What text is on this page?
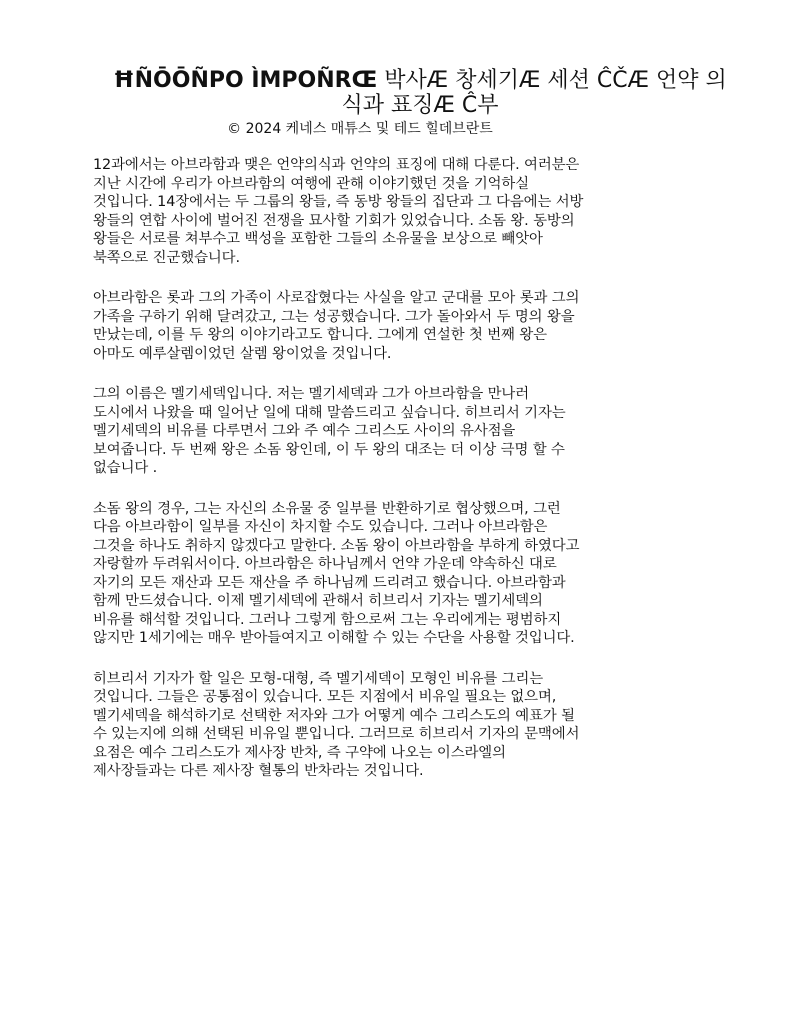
ĦÑŌŌÑPO ÌMPOÑRŒ 박사Æ 창세기Æ 세션 ĈČÆ 언약 의식과 표징Æ Ĉ부

© 2024 케네스 매튜스 및 테드 힐데브란트

12과에서는 아브라함과 맺은 언약의식과 언약의 표징에 대해 다룬다. 여러분은
지난 시간에 우리가 아브라함의 여행에 관해 이야기했던 것을 기억하실
것입니다. 14장에서는 두 그룹의 왕들, 즉 동방 왕들의 집단과 그 다음에는 서방
왕들의 연합 사이에 벌어진 전쟁을 묘사할 기회가 있었습니다. 소돔 왕. 동방의
왕들은 서로를 쳐부수고 백성을 포함한 그들의 소유물을 보상으로 빼앗아
북쪽으로 진군했습니다.

아브라함은 롯과 그의 가족이 사로잡혔다는 사실을 알고 군대를 모아 롯과 그의
가족을 구하기 위해 달려갔고, 그는 성공했습니다. 그가 돌아와서 두 명의 왕을
만났는데, 이를 두 왕의 이야기라고도 합니다. 그에게 연설한 첫 번째 왕은
아마도 예루살렘이었던 살렘 왕이었을 것입니다.

그의 이름은 멜기세덱입니다. 저는 멜기세덱과 그가 아브라함을 만나러
도시에서 나왔을 때 일어난 일에 대해 말씀드리고 싶습니다. 히브리서 기자는
멜기세덱의 비유를 다루면서 그와 주 예수 그리스도 사이의 유사점을
보여줍니다. 두 번째 왕은 소돔 왕인데, 이 두 왕의 대조는 더 이상 극명 할 수
없습니다 .

소돔 왕의 경우, 그는 자신의 소유물 중 일부를 반환하기로 협상했으며, 그런
다음 아브라함이 일부를 자신이 차지할 수도 있습니다. 그러나 아브라함은
그것을 하나도 취하지 않겠다고 말한다. 소돔 왕이 아브라함을 부하게 하였다고
자랑할까 두려워서이다. 아브라함은 하나님께서 언약 가운데 약속하신 대로
자기의 모든 재산과 모든 재산을 주 하나님께 드리려고 했습니다. 아브라함과
함께 만드셨습니다. 이제 멜기세덱에 관해서 히브리서 기자는 멜기세덱의
비유를 해석할 것입니다. 그러나 그렇게 함으로써 그는 우리에게는 평범하지
않지만 1세기에는 매우 받아들여지고 이해할 수 있는 수단을 사용할 것입니다.

히브리서 기자가 할 일은 모형-대형, 즉 멜기세덱이 모형인 비유를 그리는
것입니다. 그들은 공통점이 있습니다. 모든 지점에서 비유일 필요는 없으며,
멜기세덱을 해석하기로 선택한 저자와 그가 어떻게 예수 그리스도의 예표가 될
수 있는지에 의해 선택된 비유일 뿐입니다. 그러므로 히브리서 기자의 문맥에서
요점은 예수 그리스도가 제사장 반차, 즉 구약에 나오는 이스라엘의
제사장들과는 다른 제사장 혈통의 반차라는 것입니다.
